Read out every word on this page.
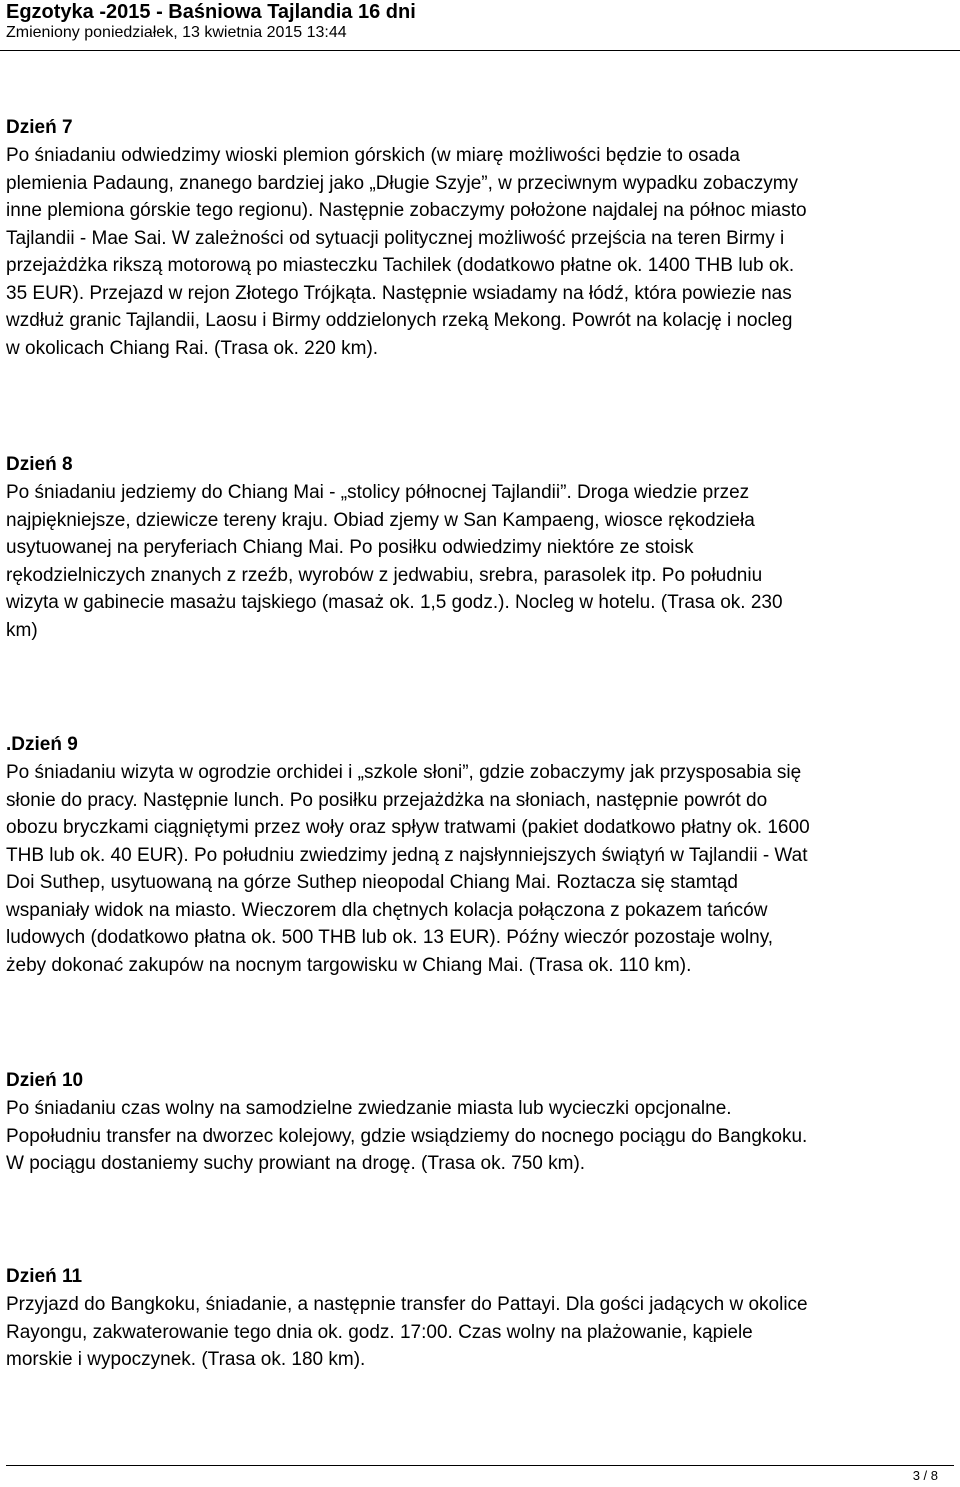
Egzotyka -2015 - Baśniowa Tajlandia 16 dni
Zmieniony poniedziałek, 13 kwietnia 2015 13:44
Dzień 7
Po śniadaniu odwiedzimy wioski plemion górskich (w miarę możliwości będzie to osada
plemienia Padaung, znanego bardziej jako „Długie Szyje”, w przeciwnym wypadku zobaczymy
inne plemiona górskie tego regionu). Następnie zobaczymy położone najdalej na północ miasto
Tajlandii - Mae Sai. W zależności od sytuacji politycznej możliwość przejścia na teren Birmy i
przejażdżka rikszą motorową po miasteczku Tachilek (dodatkowo płatne ok. 1400 THB lub ok.
35 EUR). Przejazd w rejon Złotego Trójkąta. Następnie wsiadamy na łódź, która powiezie nas
wzdłuż granic Tajlandii, Laosu i Birmy oddzielonych rzeką Mekong. Powrót na kolację i nocleg
w okolicach Chiang Rai. (Trasa ok. 220 km).
Dzień 8
Po śniadaniu jedziemy do Chiang Mai - „stolicy północnej Tajlandii”. Droga wiedzie przez
najpiękniejsze, dziewicze tereny kraju. Obiad zjemy w San Kampaeng, wiosce rękodzieła
usytuowanej na peryferiach Chiang Mai. Po posiłku odwiedzimy niektóre ze stoisk
rękodzielniczych znanych z rzeźb, wyrobów z jedwabiu, srebra, parasolek itp. Po południu
wizyta w gabinecie masażu tajskiego (masaż ok. 1,5 godz.). Nocleg w hotelu. (Trasa ok. 230
km)
.Dzień 9
Po śniadaniu wizyta w ogrodzie orchidei i „szkole słoni”, gdzie zobaczymy jak przysposabia się
słonie do pracy. Następnie lunch. Po posiłku przejażdżka na słoniach, następnie powrót do
obozu bryczkami ciągniętymi przez woły oraz spływ tratwami (pakiet dodatkowo płatny ok. 1600
THB lub ok. 40 EUR). Po południu zwiedzimy jedną z najsłynniejszych świątyń w Tajlandii - Wat
Doi Suthep, usytuowaną na górze Suthep nieopodal Chiang Mai. Roztacza się stamtąd
wspaniały widok na miasto. Wieczorem dla chętnych kolacja połączona z pokazem tańców
ludowych (dodatkowo płatna ok. 500 THB lub ok. 13 EUR). Późny wieczór pozostaje wolny,
żeby dokonać zakupów na nocnym targowisku w Chiang Mai. (Trasa ok. 110 km).
Dzień 10
Po śniadaniu czas wolny na samodzielne zwiedzanie miasta lub wycieczki opcjonalne.
Popołudniu transfer na dworzec kolejowy, gdzie wsiądziemy do nocnego pociągu do Bangkoku.
W pociągu dostaniemy suchy prowiant na drogę. (Trasa ok. 750 km).
Dzień 11
Przyjazd do Bangkoku, śniadanie, a następnie transfer do Pattayi. Dla gości jadących w okolice
Rayongu, zakwaterowanie tego dnia ok. godz. 17:00. Czas wolny na plażowanie, kąpiele
morskie i wypoczynek. (Trasa ok. 180 km).
3 / 8
